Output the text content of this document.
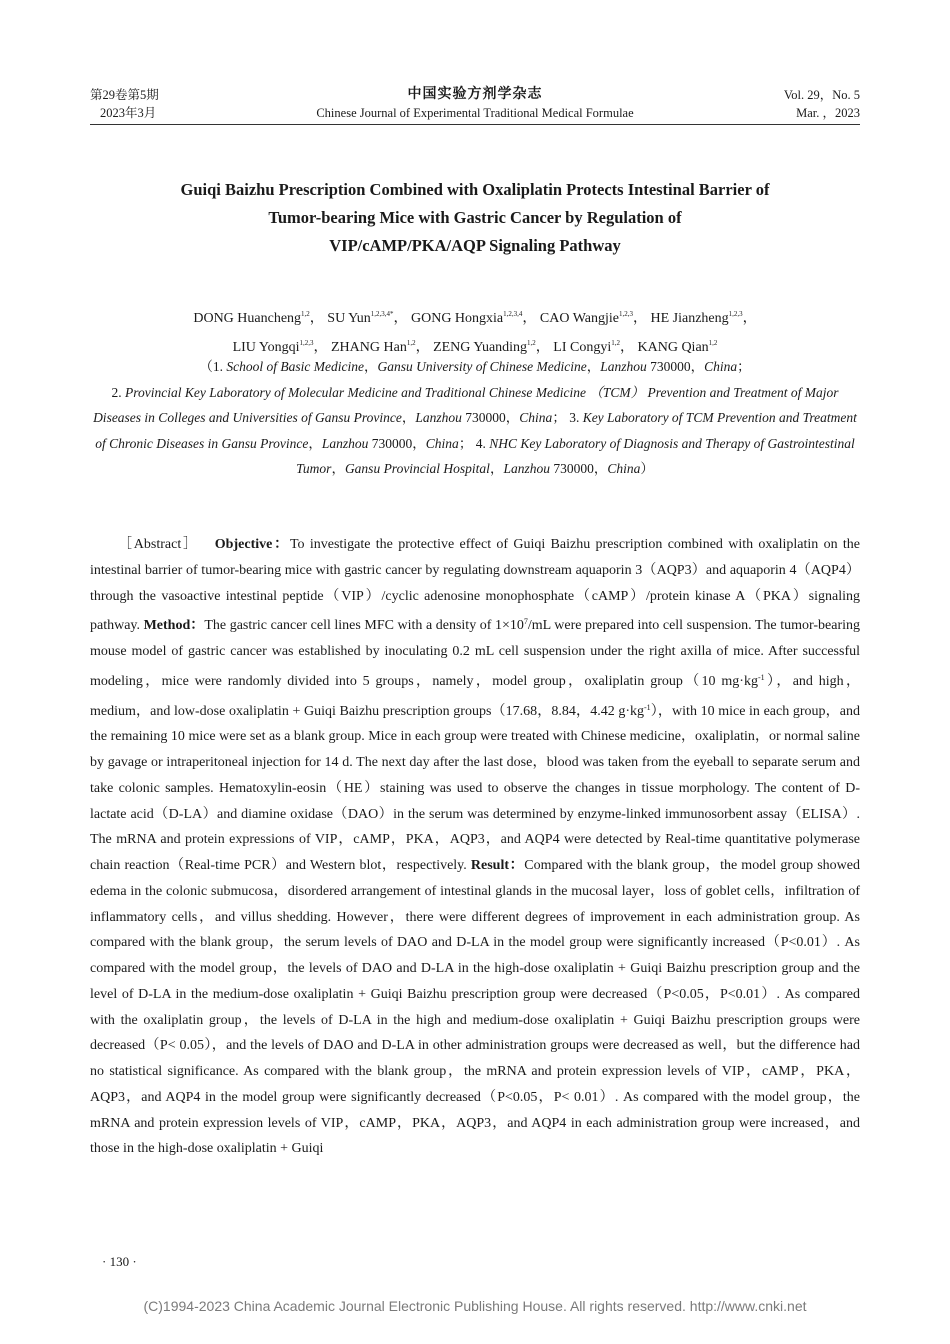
第29卷第5期
2023年3月
中国实验方剂学杂志
Chinese Journal of Experimental Traditional Medical Formulae
Vol. 29，No. 5
Mar. ，2023
Guiqi Baizhu Prescription Combined with Oxaliplatin Protects Intestinal Barrier of
Tumor-bearing Mice with Gastric Cancer by Regulation of
VIP/cAMP/PKA/AQP Signaling Pathway
DONG Huancheng$^{1,2}$， SU Yun$^{1,2,3,4*}$， GONG Hongxia$^{1,2,3,4}$， CAO Wangjie$^{1,2,3}$， HE Jianzheng$^{1,2,3}$，
LIU Yongqi$^{1,2,3}$， ZHANG Han$^{1,2}$， ZENG Yuanding$^{1,2}$， LI Congyi$^{1,2}$， KANG Qian$^{1,2}$
（1. School of Basic Medicine，Gansu University of Chinese Medicine，Lanzhou 730000，China；
2. Provincial Key Laboratory of Molecular Medicine and Traditional Chinese Medicine （TCM） Prevention and Treatment of Major Diseases in Colleges and Universities of Gansu Province，Lanzhou 730000，China； 3. Key Laboratory of TCM Prevention and Treatment of Chronic Diseases in Gansu Province，Lanzhou 730000，China； 4. NHC Key Laboratory of Diagnosis and Therapy of Gastrointestinal Tumor，Gansu Provincial Hospital，Lanzhou 730000，China）

［Abstract］ Objective：To investigate the protective effect of Guiqi Baizhu prescription combined with oxaliplatin on the intestinal barrier of tumor-bearing mice with gastric cancer by regulating downstream aquaporin 3（AQP3）and aquaporin 4（AQP4）through the vasoactive intestinal peptide（VIP）/cyclic adenosine monophosphate（cAMP）/protein kinase A（PKA）signaling pathway. Method：The gastric cancer cell lines MFC with a density of $1\times 10^7/mL$ were prepared into cell suspension. The tumor-bearing mouse model of gastric cancer was established by inoculating 0.2 mL cell suspension under the right axilla of mice. After successful modeling，mice were randomly divided into 5 groups，namely，model group，oxaliplatin group（10 $mg\cdot kg^{-1}$），and high，medium，and low-dose oxaliplatin + Guiqi Baizhu prescription groups（17.68，8.84，4.42 $g\cdot kg^{-1}$），with 10 mice in each group，and the remaining 10 mice were set as a blank group. Mice in each group were treated with Chinese medicine，oxaliplatin，or normal saline by gavage or intraperitoneal injection for 14 d. The next day after the last dose，blood was taken from the eyeball to separate serum and take colonic samples. Hematoxylin-eosin（HE）staining was used to observe the changes in tissue morphology. The content of D-lactate acid（D-LA）and diamine oxidase（DAO）in the serum was determined by enzyme-linked immunosorbent assay（ELISA）. The mRNA and protein expressions of VIP，cAMP，PKA，AQP3，and AQP4 were detected by Real-time quantitative polymerase chain reaction（Real-time PCR）and Western blot，respectively. Result：Compared with the blank group，the model group showed edema in the colonic submucosa，disordered arrangement of intestinal glands in the mucosal layer，loss of goblet cells，infiltration of inflammatory cells，and villus shedding. However，there were different degrees of improvement in each administration group. As compared with the blank group，the serum levels of DAO and D-LA in the model group were significantly increased（P<0.01）. As compared with the model group，the levels of DAO and D-LA in the high-dose oxaliplatin + Guiqi Baizhu prescription group and the level of D-LA in the medium-dose oxaliplatin + Guiqi Baizhu prescription group were decreased（P<0.05，P<0.01）. As compared with the oxaliplatin group，the levels of D-LA in the high and medium-dose oxaliplatin + Guiqi Baizhu prescription groups were decreased（P< 0.05），and the levels of DAO and D-LA in other administration groups were decreased as well，but the difference had no statistical significance. As compared with the blank group，the mRNA and protein expression levels of VIP，cAMP，PKA，AQP3，and AQP4 in the model group were significantly decreased（P<0.05，P< 0.01）. As compared with the model group，the mRNA and protein expression levels of VIP，cAMP，PKA，AQP3，and AQP4 in each administration group were increased，and those in the high-dose oxaliplatin + Guiqi

· 130 ·
(C)1994-2023 China Academic Journal Electronic Publishing House. All rights reserved. http://www.cnki.net
